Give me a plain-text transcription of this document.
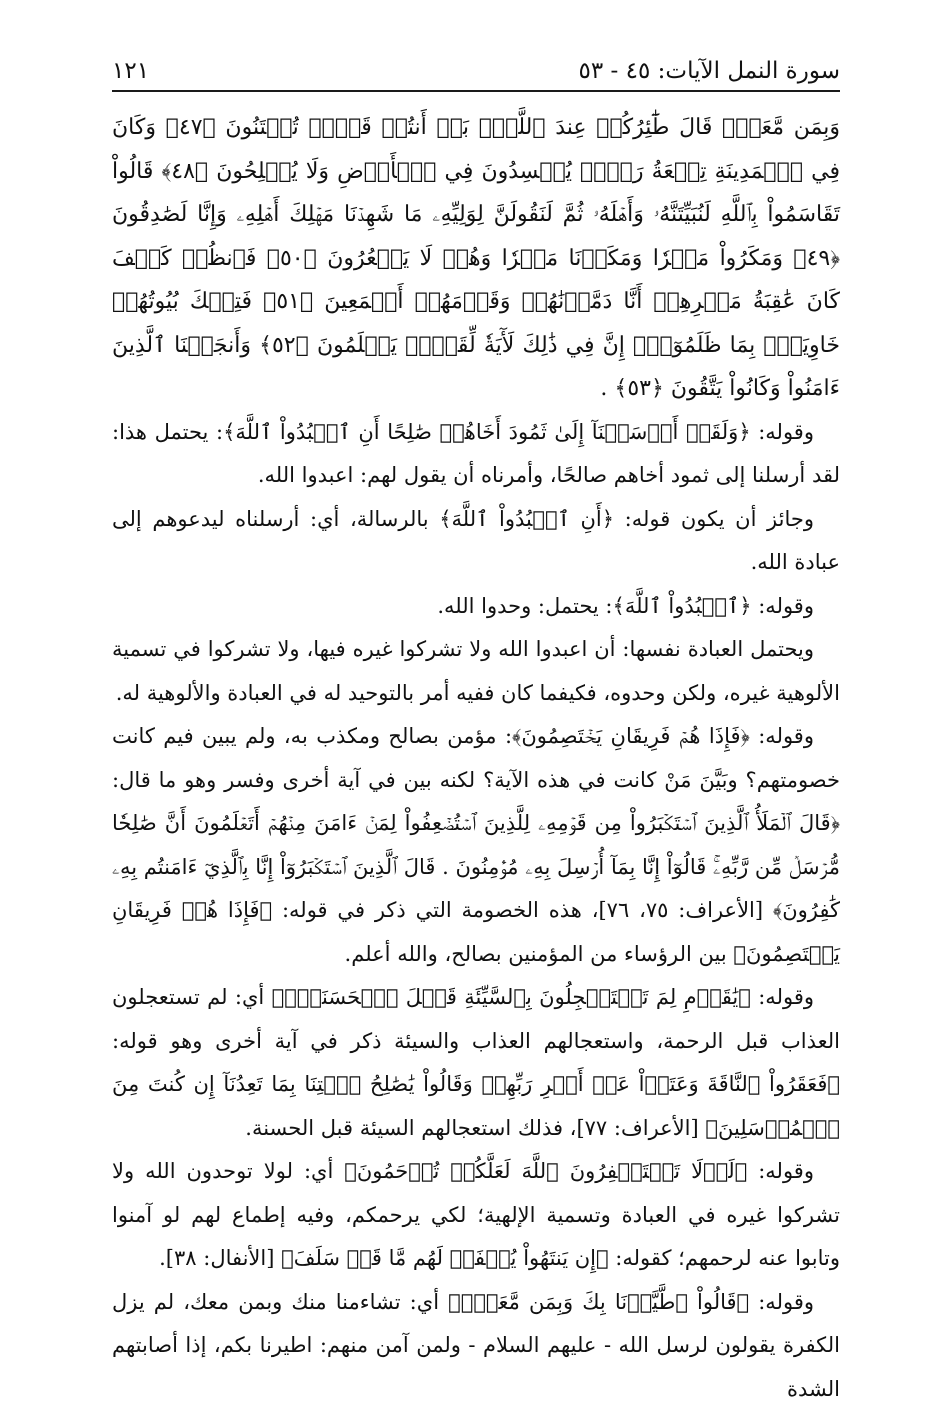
سورة النمل الآيات: ٤٥ - ٥٣
١٢١

وَبِمَن مَّعَكَۚ قَالَ طَٰٓئِرُكُمۡ عِندَ ٱللَّهِۖ بَلۡ أَنتُمۡ قَوۡمٞ تُفۡتَنُونَ ﴿٤٧﴾ وَكَانَ فِي ٱلۡمَدِينَةِ تِسۡعَةُ رَهۡطٖ يُفۡسِدُونَ فِي ٱلۡأَرۡضِ وَلَا يُصۡلِحُونَ ﴿٤٨﴾ قَالُواْ تَقَاسَمُواْ بِٱللَّهِ لَنُبَيِّتَنَّهُۥ وَأَهۡلَهُۥ ثُمَّ لَنَقُولَنَّ لِوَلِيِّهِۦ مَا شَهِدۡنَا مَهۡلِكَ أَهۡلِهِۦ وَإِنَّا لَصَٰدِقُونَ ﴿٤٩﴾ وَمَكَرُواْ مَكۡرٗا وَمَكَرۡنَا مَكۡرٗا وَهُمۡ لَا يَشۡعُرُونَ ﴿٥٠﴾ فَٱنظُرۡ كَيۡفَ كَانَ عَٰقِبَةُ مَكۡرِهِمۡ أَنَّا دَمَّرۡنَٰهُمۡ وَقَوۡمَهُمۡ أَجۡمَعِينَ ﴿٥١﴾ فَتِلۡكَ بُيُوتُهُمۡ خَاوِيَةَۢ بِمَا ظَلَمُوٓاْۚ إِنَّ فِي ذَٰلِكَ لَأٓيَةٗ لِّقَوۡمٖ يَعۡلَمُونَ ﴿٥٢﴾ وَأَنجَيۡنَا ٱلَّذِينَ ءَامَنُواْ وَكَانُواْ يَتَّقُونَ ﴿٥٣﴾ .

وقوله: ﴿وَلَقَدۡ أَرۡسَلۡنَآ إِلَىٰ ثَمُودَ أَخَاهُمۡ صَٰلِحًا أَنِ ٱعۡبُدُواْ ٱللَّهَ﴾: يحتمل هذا: لقد أرسلنا إلى ثمود أخاهم صالحًا، وأمرناه أن يقول لهم: اعبدوا الله.

وجائز أن يكون قوله: ﴿أَنِ ٱعۡبُدُواْ ٱللَّهَ﴾ بالرسالة، أي: أرسلناه ليدعوهم إلى عبادة الله.

وقوله: ﴿ٱعۡبُدُواْ ٱللَّهَ﴾: يحتمل: وحدوا الله.

ويحتمل العبادة نفسها: أن اعبدوا الله ولا تشركوا غيره فيها، ولا تشركوا في تسمية الألوهية غيره، ولكن وحدوه، فكيفما كان ففيه أمر بالتوحيد له في العبادة والألوهية له.

وقوله: ﴿فَإِذَا هُمۡ فَرِيقَانِ يَخۡتَصِمُونَ﴾: مؤمن بصالح ومكذب به، ولم يبين فيم كانت خصومتهم؟ وبَيَّنَ مَنْ كانت في هذه الآية؟ لكنه بين في آية أخرى وفسر وهو ما قال: ﴿قَالَ ٱلۡمَلَأُ ٱلَّذِينَ ٱسۡتَكۡبَرُواْ مِن قَوۡمِهِۦ لِلَّذِينَ ٱسۡتُضۡعِفُواْ لِمَنۡ ءَامَنَ مِنۡهُمۡ أَتَعۡلَمُونَ أَنَّ صَٰلِحٗا مُّرۡسَلٞ مِّن رَّبِّهِۦۚ قَالُوٓاْ إِنَّا بِمَآ أُرۡسِلَ بِهِۦ مُؤۡمِنُونَ . قَالَ ٱلَّذِينَ ٱسۡتَكۡبَرُوٓاْ إِنَّا بِٱلَّذِيٓ ءَامَنتُم بِهِۦ كَٰفِرُونَ﴾ [الأعراف: ٧٥، ٧٦]، هذه الخصومة التي ذكر في قوله: ﴿فَإِذَا هُمۡ فَرِيقَانِ يَخۡتَصِمُونَ﴾ بين الرؤساء من المؤمنين بصالح، والله أعلم.

وقوله: ﴿يَٰقَوۡمِ لِمَ تَسۡتَعۡجِلُونَ بِٱلسَّيِّئَةِ قَبۡلَ ٱلۡحَسَنَةِۖ﴾ أي: لم تستعجلون العذاب قبل الرحمة، واستعجالهم العذاب والسيئة ذكر في آية أخرى وهو قوله: ﴿فَعَقَرُواْ ٱلنَّاقَةَ وَعَتَوۡاْ عَنۡ أَمۡرِ رَبِّهِمۡ وَقَالُواْ يَٰصَٰلِحُ ٱئۡتِنَا بِمَا تَعِدُنَآ إِن كُنتَ مِنَ ٱلۡمُرۡسَلِينَ﴾ [الأعراف: ٧٧]، فذلك استعجالهم السيئة قبل الحسنة.

وقوله: ﴿لَوۡلَا تَسۡتَغۡفِرُونَ ٱللَّهَ لَعَلَّكُمۡ تُرۡحَمُونَ﴾ أي: لولا توحدون الله ولا تشركوا غيره في العبادة وتسمية الإلهية؛ لكي يرحمكم، وفيه إطماع لهم لو آمنوا وتابوا عنه لرحمهم؛ كقوله: ﴿إِن يَنتَهُواْ يُغۡفَرۡ لَهُم مَّا قَدۡ سَلَفَ﴾ [الأنفال: ٣٨].

وقوله: ﴿قَالُواْ ٱطَّيَّرۡنَا بِكَ وَبِمَن مَّعَكَۚ﴾ أي: تشاءمنا منك وبمن معك، لم يزل الكفرة يقولون لرسل الله - عليهم السلام - ولمن آمن منهم: اطيرنا بكم، إذا أصابتهم الشدة
